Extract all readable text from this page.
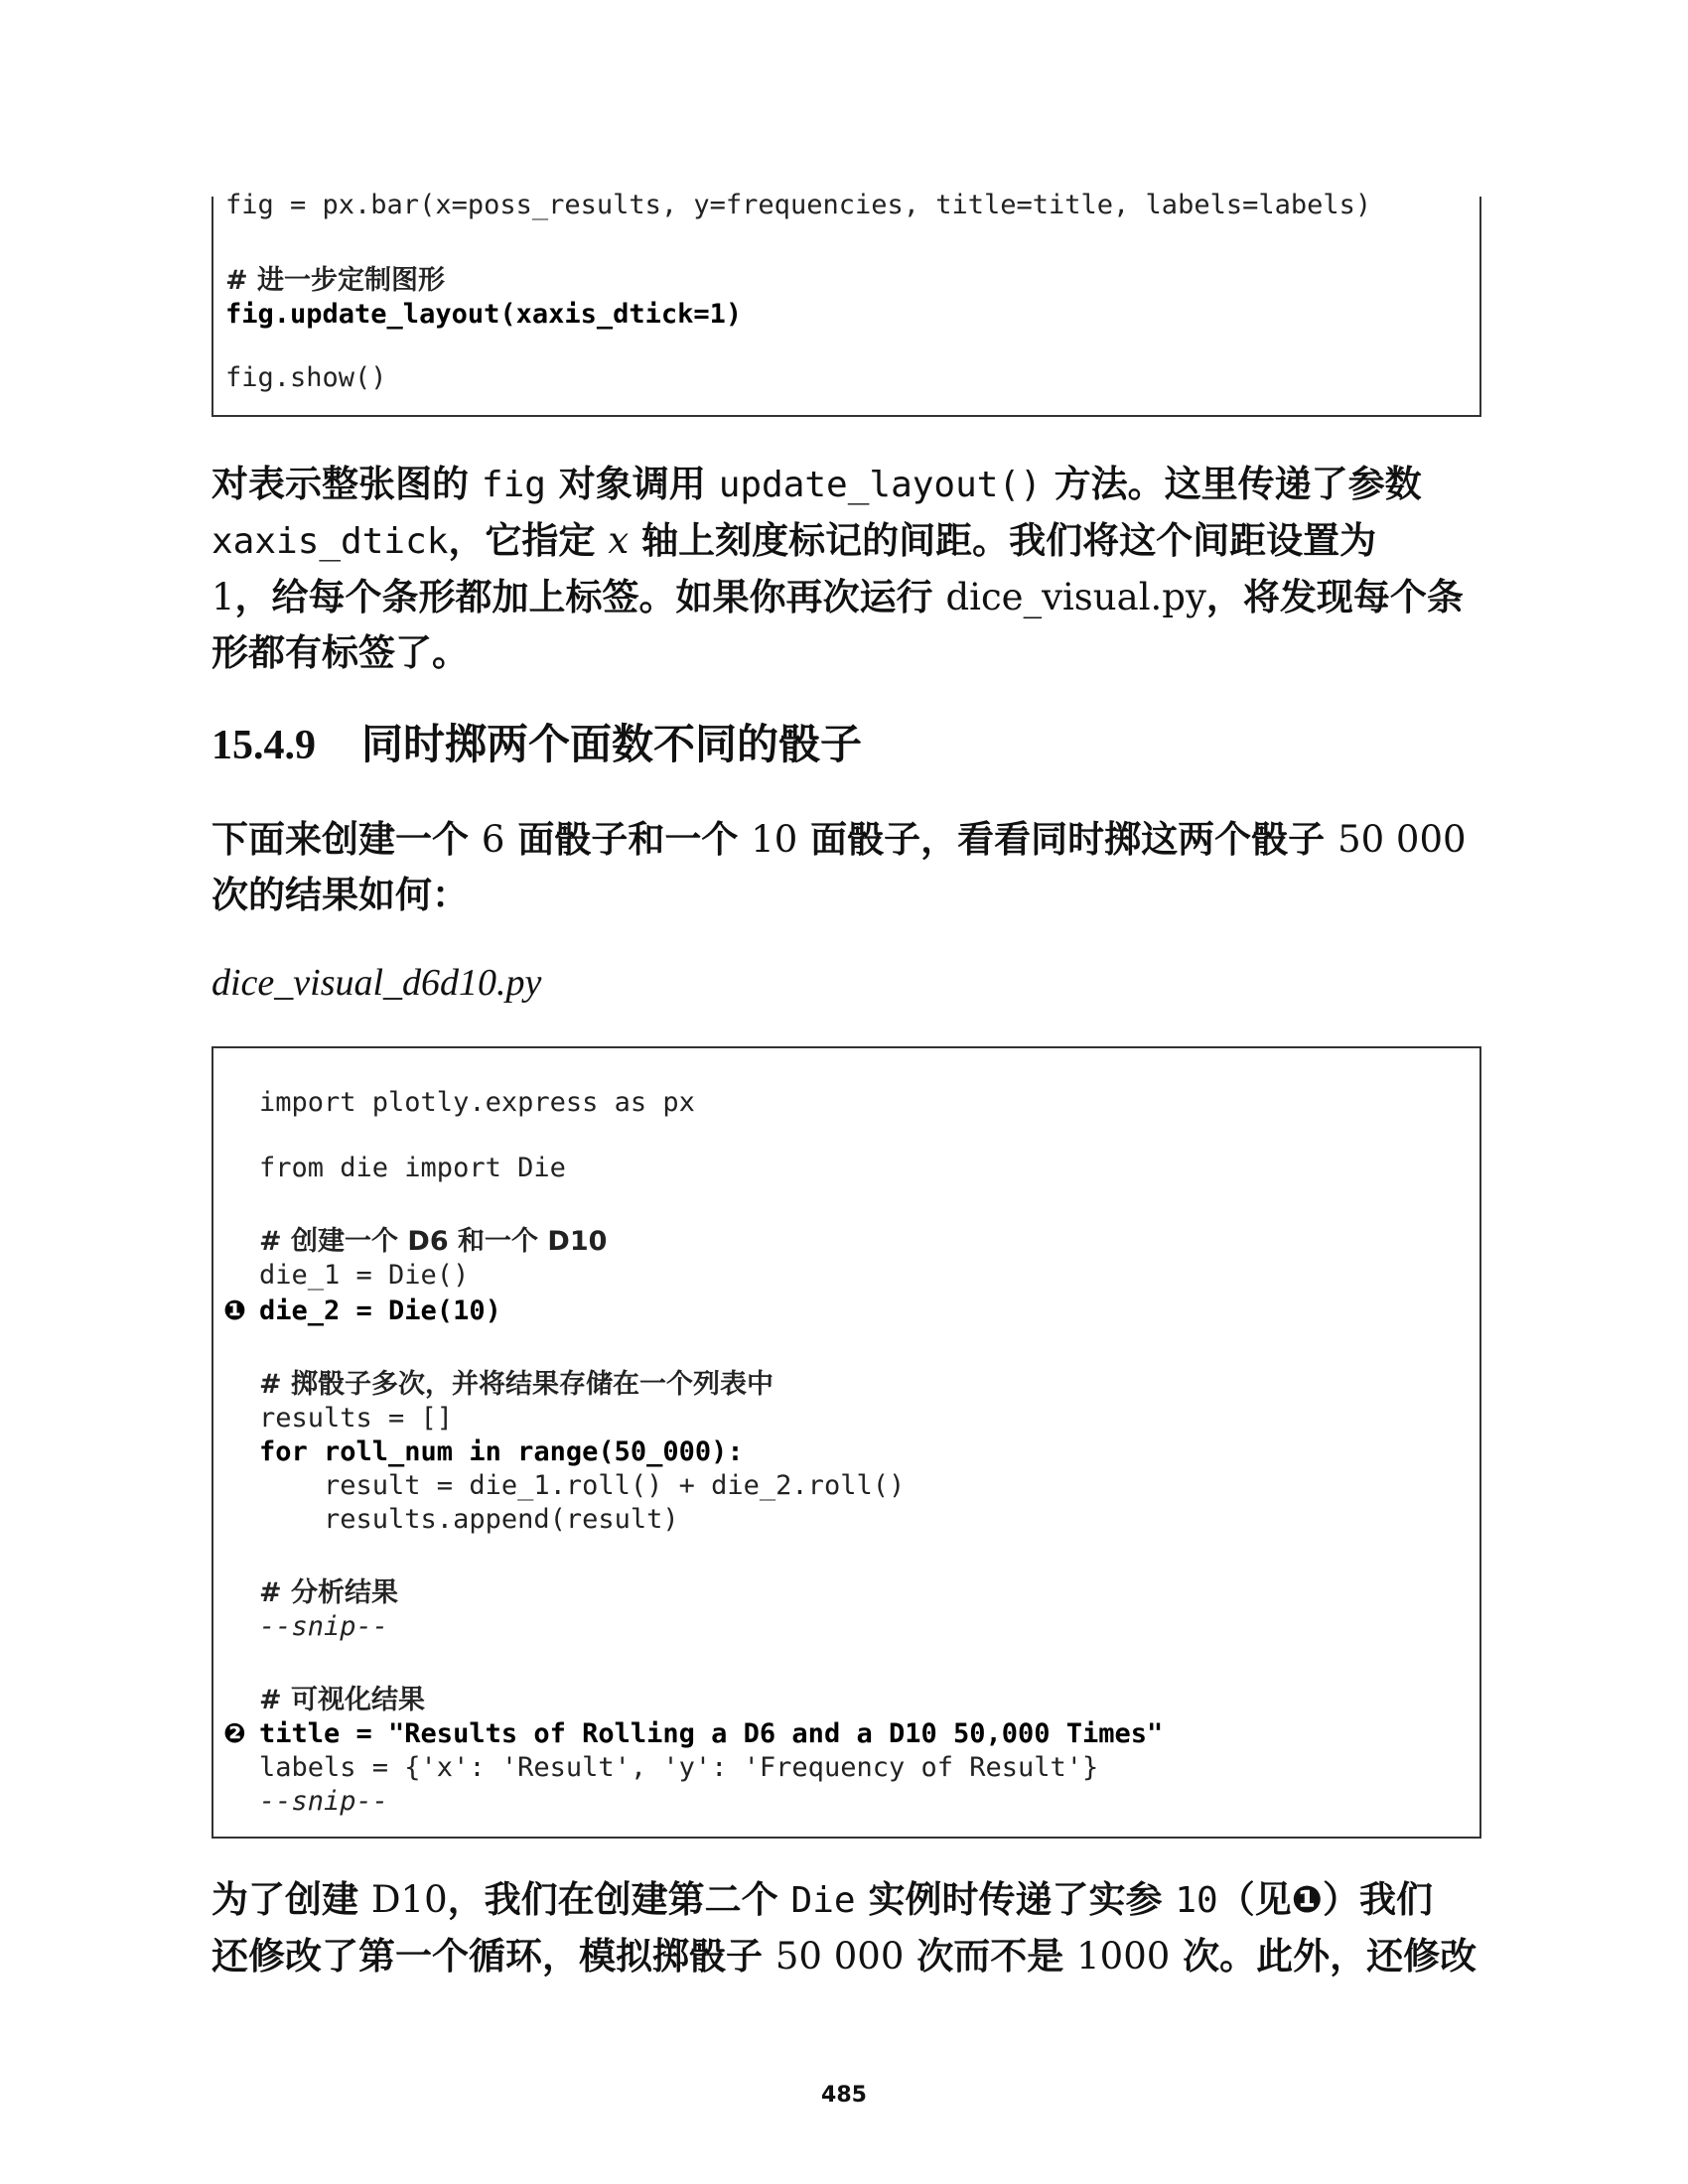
fig = px.bar(x=poss_results, y=frequencies, title=title, labels=labels)
# 进一步定制图形
fig.update_layout(xaxis_dtick=1)
fig.show()
对表示整张图的 fig 对象调用 update_layout() 方法。这里传递了参数
xaxis_dtick，它指定 x 轴上刻度标记的间距。我们将这个间距设置为
1，给每个条形都加上标签。如果你再次运行 dice_visual.py，将发现每个条
形都有标签了。
15.4.9 同时掷两个面数不同的骰子
下面来创建一个 6 面骰子和一个 10 面骰子，看看同时掷这两个骰子 50 000
次的结果如何：
dice_visual_d6d10.py
import plotly.express as px
from die import Die
# 创建一个 D6 和一个 D10
die_1 = Die()
❶ die_2 = Die(10)
# 掷骰子多次，并将结果存储在一个列表中
results = []
for roll_num in range(50_000):
result = die_1.roll() + die_2.roll()
results.append(result)
# 分析结果
--snip--
# 可视化结果
❷ title = "Results of Rolling a D6 and a D10 50,000 Times"
labels = {'x': 'Result', 'y': 'Frequency of Result'}
--snip--
为了创建 D10，我们在创建第二个 Die 实例时传递了实参 10（见❶）我们
还修改了第一个循环，模拟掷骰子 50 000 次而不是 1000 次。此外，还修改
485
